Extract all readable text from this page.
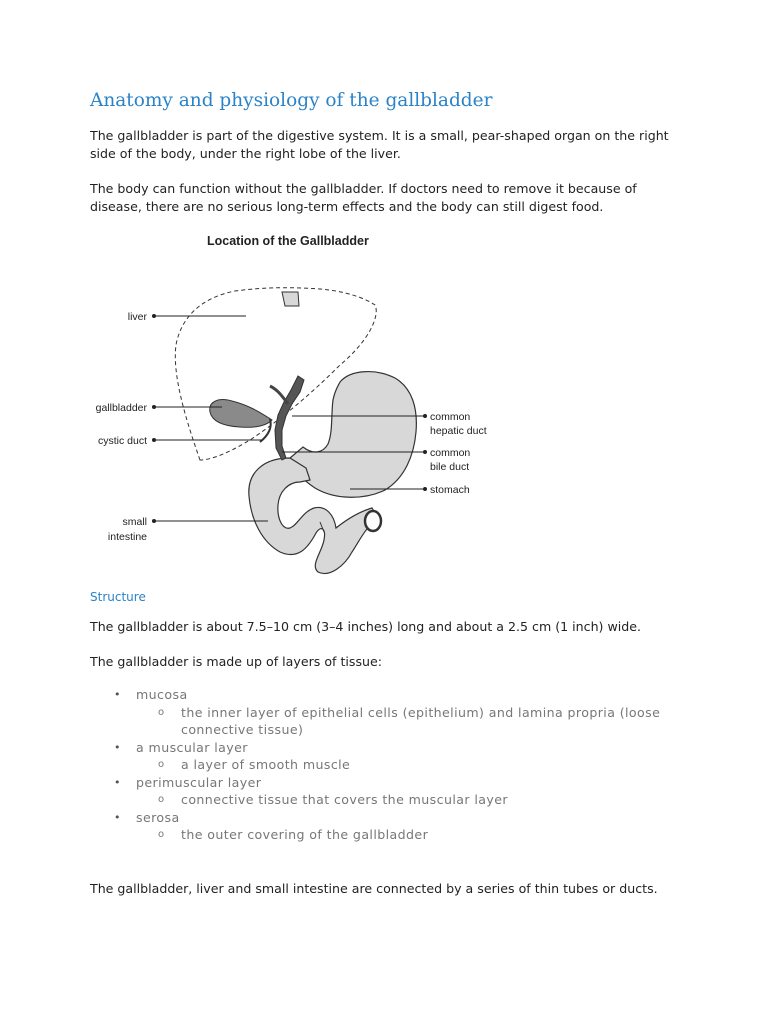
Anatomy and physiology of the gallbladder

The gallbladder is part of the digestive system. It is a small, pear-shaped organ on the right side of the body, under the right lobe of the liver.

The body can function without the gallbladder. If doctors need to remove it because of disease, there are no serious long-term effects and the body can still digest food.

Location of the Gallbladder
liver
gallbladder
cystic duct
small
intestine
common
hepatic duct
common
bile duct
stomach
Structure

The gallbladder is about 7.5–10 cm (3–4 inches) long and about a 2.5 cm (1 inch) wide.

The gallbladder is made up of layers of tissue:

• mucosa
o the inner layer of epithelial cells (epithelium) and lamina propria (loose connective tissue)
• a muscular layer
o a layer of smooth muscle
• perimuscular layer
o connective tissue that covers the muscular layer
• serosa
o the outer covering of the gallbladder

The gallbladder, liver and small intestine are connected by a series of thin tubes or ducts.
